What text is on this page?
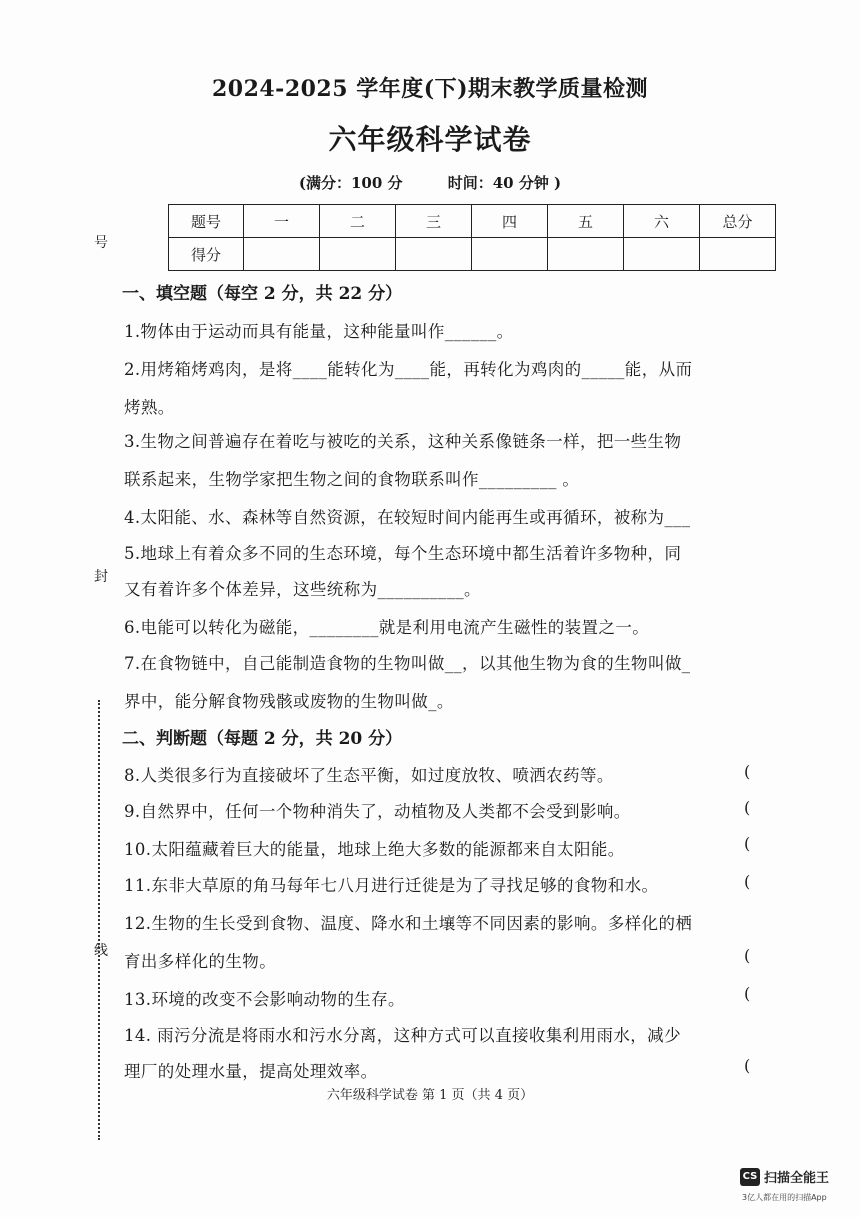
2024-2025 学年度(下)期末教学质量检测
六年级科学试卷
(满分：100 分	时间：40 分钟 )
题号	一	二	三	四	五	六	总分
得分							
一、填空题（每空 2 分，共 22 分）
1.物体由于运动而具有能量，这种能量叫作______。
2.用烤箱烤鸡肉，是将____能转化为____能，再转化为鸡肉的_____能，从而
烤熟。
3.生物之间普遍存在着吃与被吃的关系，这种关系像链条一样，把一些生物
联系起来，生物学家把生物之间的食物联系叫作_________ 。
4.太阳能、水、森林等自然资源，在较短时间内能再生或再循环，被称为___
5.地球上有着众多不同的生态环境，每个生态环境中都生活着许多物种，同
又有着许多个体差异，这些统称为__________。
6.电能可以转化为磁能，________就是利用电流产生磁性的装置之一。
7.在食物链中，自己能制造食物的生物叫做__，以其他生物为食的生物叫做_
界中，能分解食物残骸或废物的生物叫做_。
二、判断题（每题 2 分，共 20 分）
8.人类很多行为直接破坏了生态平衡，如过度放牧、喷洒农药等。
9.自然界中，任何一个物种消失了，动植物及人类都不会受到影响。
10.太阳蕴藏着巨大的能量，地球上绝大多数的能源都来自太阳能。
11.东非大草原的角马每年七八月进行迁徙是为了寻找足够的食物和水。
12.生物的生长受到食物、温度、降水和土壤等不同因素的影响。多样化的栖
育出多样化的生物。
13.环境的改变不会影响动物的生存。
14. 雨污分流是将雨水和污水分离，这种方式可以直接收集利用雨水，减少
理厂的处理水量，提高处理效率。
(
(
(
(
(
(
(
六年级科学试卷 第 1 页（共 4 页）
号
封
线
CS 扫描全能王
3亿人都在用的扫描App
